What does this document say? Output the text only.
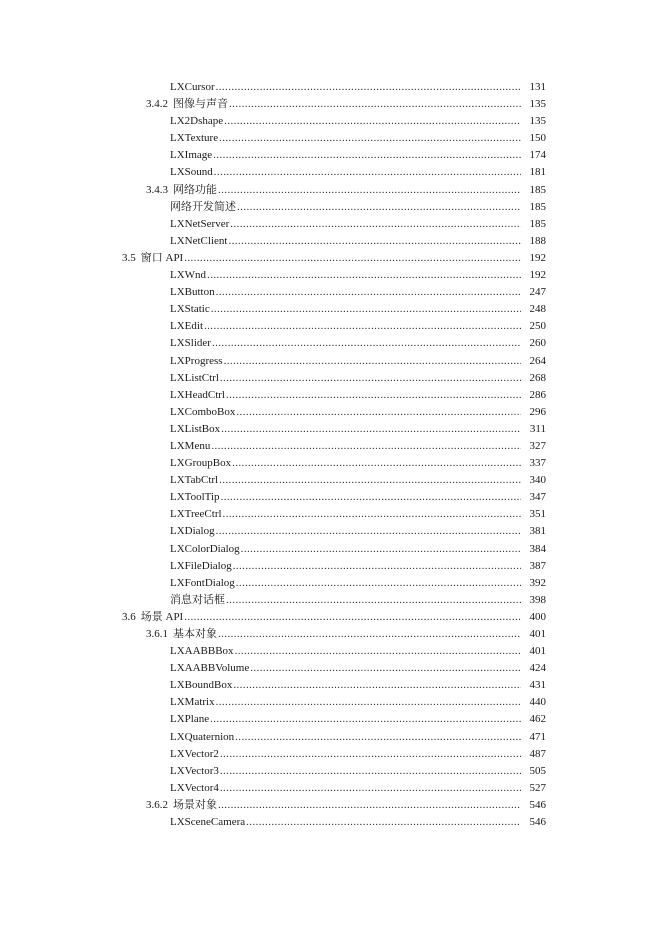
LXCursor .....	131
3.4.2 图像与声音 .....	135
LX2Dshape .....	135
LXTexture .....	150
LXImage .....	174
LXSound .....	181
3.4.3 网络功能 .....	185
网络开发简述 .....	185
LXNetServer .....	185
LXNetClient .....	188
3.5 窗口 API .....	192
LXWnd .....	192
LXButton .....	247
LXStatic .....	248
LXEdit .....	250
LXSlider .....	260
LXProgress .....	264
LXListCtrl .....	268
LXHeadCtrl .....	286
LXComboBox .....	296
LXListBox .....	311
LXMenu .....	327
LXGroupBox .....	337
LXTabCtrl .....	340
LXToolTip .....	347
LXTreeCtrl .....	351
LXDialog .....	381
LXColorDialog .....	384
LXFileDialog .....	387
LXFontDialog .....	392
消息对话框 .....	398
3.6 场景 API .....	400
3.6.1 基本对象 .....	401
LXAABBBox .....	401
LXAABBVolume .....	424
LXBoundBox .....	431
LXMatrix .....	440
LXPlane .....	462
LXQuaternion .....	471
LXVector2 .....	487
LXVector3 .....	505
LXVector4 .....	527
3.6.2 场景对象 .....	546
LXSceneCamera .....	546
